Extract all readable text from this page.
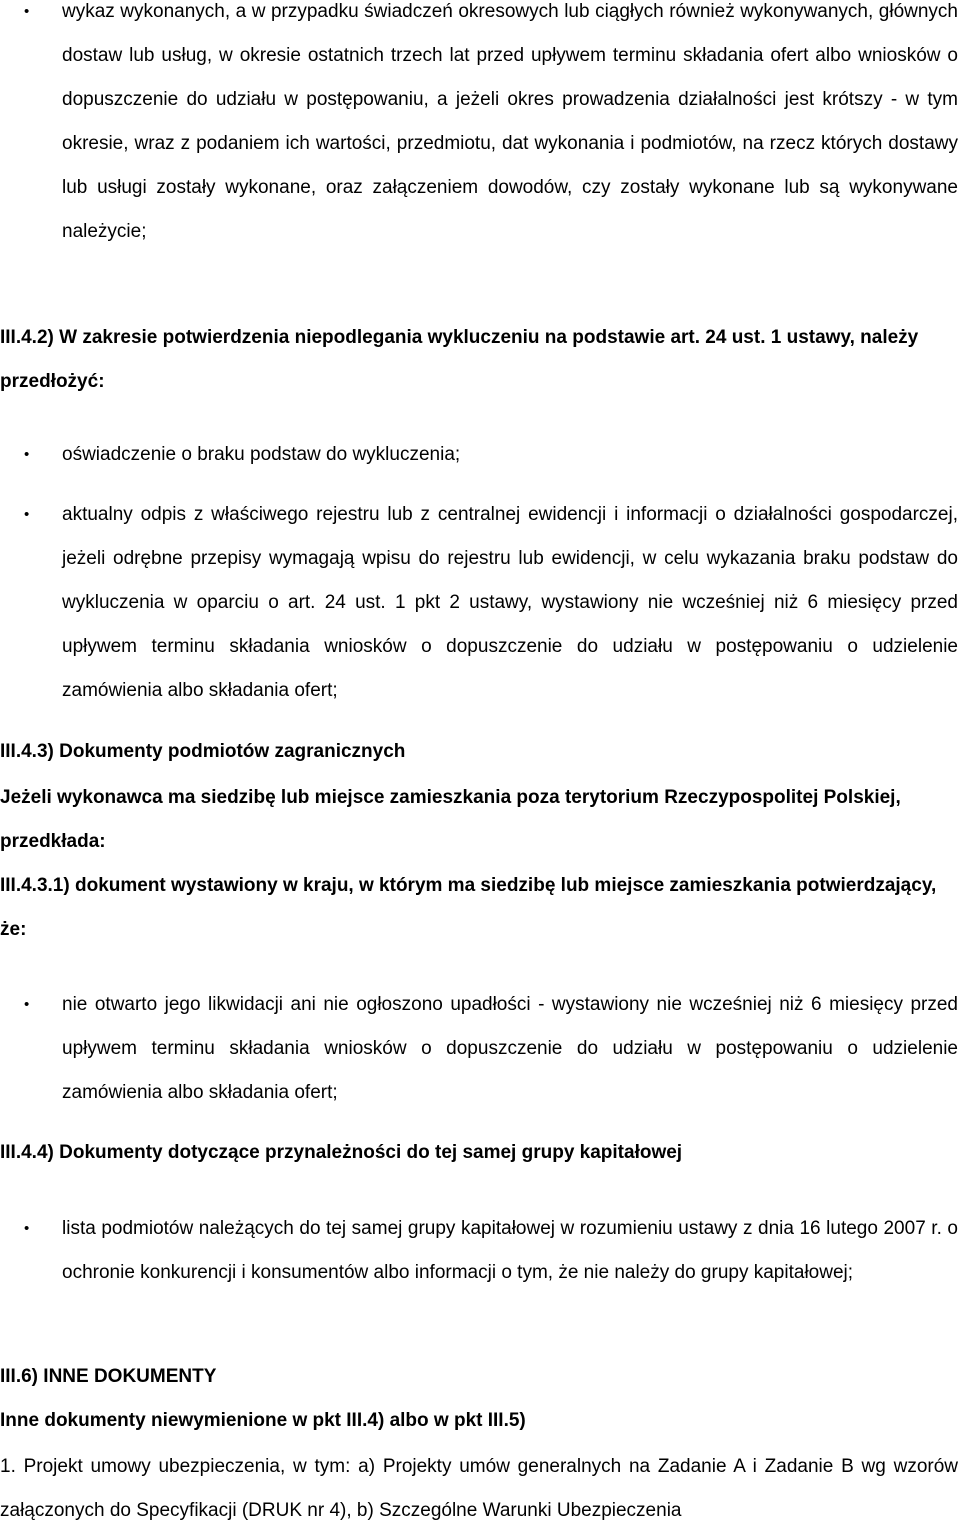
• wykaz wykonanych, a w przypadku świadczeń okresowych lub ciągłych również wykonywanych, głównych dostaw lub usług, w okresie ostatnich trzech lat przed upływem terminu składania ofert albo wniosków o dopuszczenie do udziału w postępowaniu, a jeżeli okres prowadzenia działalności jest krótszy - w tym okresie, wraz z podaniem ich wartości, przedmiotu, dat wykonania i podmiotów, na rzecz których dostawy lub usługi zostały wykonane, oraz załączeniem dowodów, czy zostały wykonane lub są wykonywane należycie;

III.4.2) W zakresie potwierdzenia niepodlegania wykluczeniu na podstawie art. 24 ust. 1 ustawy, należy przedłożyć:

• oświadczenie o braku podstaw do wykluczenia;

• aktualny odpis z właściwego rejestru lub z centralnej ewidencji i informacji o działalności gospodarczej, jeżeli odrębne przepisy wymagają wpisu do rejestru lub ewidencji, w celu wykazania braku podstaw do wykluczenia w oparciu o art. 24 ust. 1 pkt 2 ustawy, wystawiony nie wcześniej niż 6 miesięcy przed upływem terminu składania wniosków o dopuszczenie do udziału w postępowaniu o udzielenie zamówienia albo składania ofert;

III.4.3) Dokumenty podmiotów zagranicznych

Jeżeli wykonawca ma siedzibę lub miejsce zamieszkania poza terytorium Rzeczypospolitej Polskiej, przedkłada:

III.4.3.1) dokument wystawiony w kraju, w którym ma siedzibę lub miejsce zamieszkania potwierdzający, że:

• nie otwarto jego likwidacji ani nie ogłoszono upadłości - wystawiony nie wcześniej niż 6 miesięcy przed upływem terminu składania wniosków o dopuszczenie do udziału w postępowaniu o udzielenie zamówienia albo składania ofert;

III.4.4) Dokumenty dotyczące przynależności do tej samej grupy kapitałowej

• lista podmiotów należących do tej samej grupy kapitałowej w rozumieniu ustawy z dnia 16 lutego 2007 r. o ochronie konkurencji i konsumentów albo informacji o tym, że nie należy do grupy kapitałowej;

III.6) INNE DOKUMENTY

Inne dokumenty niewymienione w pkt III.4) albo w pkt III.5)

1. Projekt umowy ubezpieczenia, w tym: a) Projekty umów generalnych na Zadanie A i Zadanie B wg wzorów załączonych do Specyfikacji (DRUK nr 4), b) Szczególne Warunki Ubezpieczenia
